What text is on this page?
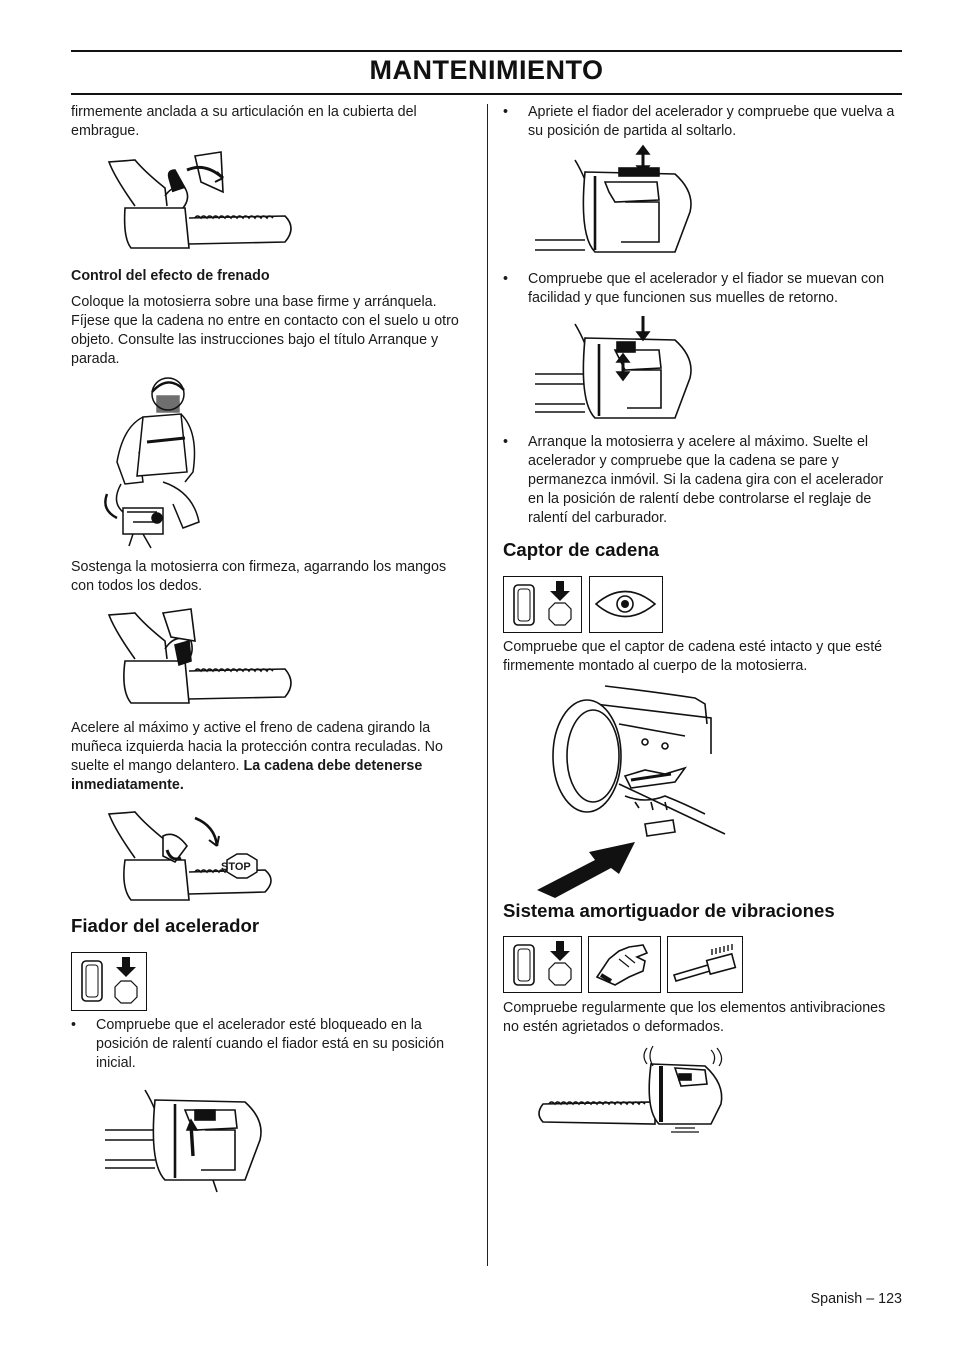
MANTENIMIENTO

firmemente anclada a su articulación en la cubierta del embrague.

Control del efecto de frenado

Coloque la motosierra sobre una base firme y arránquela. Fíjese que la cadena no entre en contacto con el suelo u otro objeto. Consulte las instrucciones bajo el título Arranque y parada.

Sostenga la motosierra con firmeza, agarrando los mangos con todos los dedos.

Acelere al máximo y active el freno de cadena girando la muñeca izquierda hacia la protección contra reculadas. No suelte el mango delantero. La cadena debe detenerse inmediatamente.

STOP
Fiador del acelerador
• Compruebe que el acelerador esté bloqueado en la posición de ralentí cuando el fiador está en su posición inicial.
• Apriete el fiador del acelerador y compruebe que vuelva a su posición de partida al soltarlo.
• Compruebe que el acelerador y el fiador se muevan con facilidad y que funcionen sus muelles de retorno.
• Arranque la motosierra y acelere al máximo. Suelte el acelerador y compruebe que la cadena se pare y permanezca inmóvil. Si la cadena gira con el acelerador en la posición de ralentí debe controlarse el reglaje de ralentí del carburador.
Captor de cadena

Compruebe que el captor de cadena esté intacto y que esté firmemente montado al cuerpo de la motosierra.

Sistema amortiguador de vibraciones

Compruebe regularmente que los elementos antivibraciones no estén agrietados o deformados.

Spanish – 123
